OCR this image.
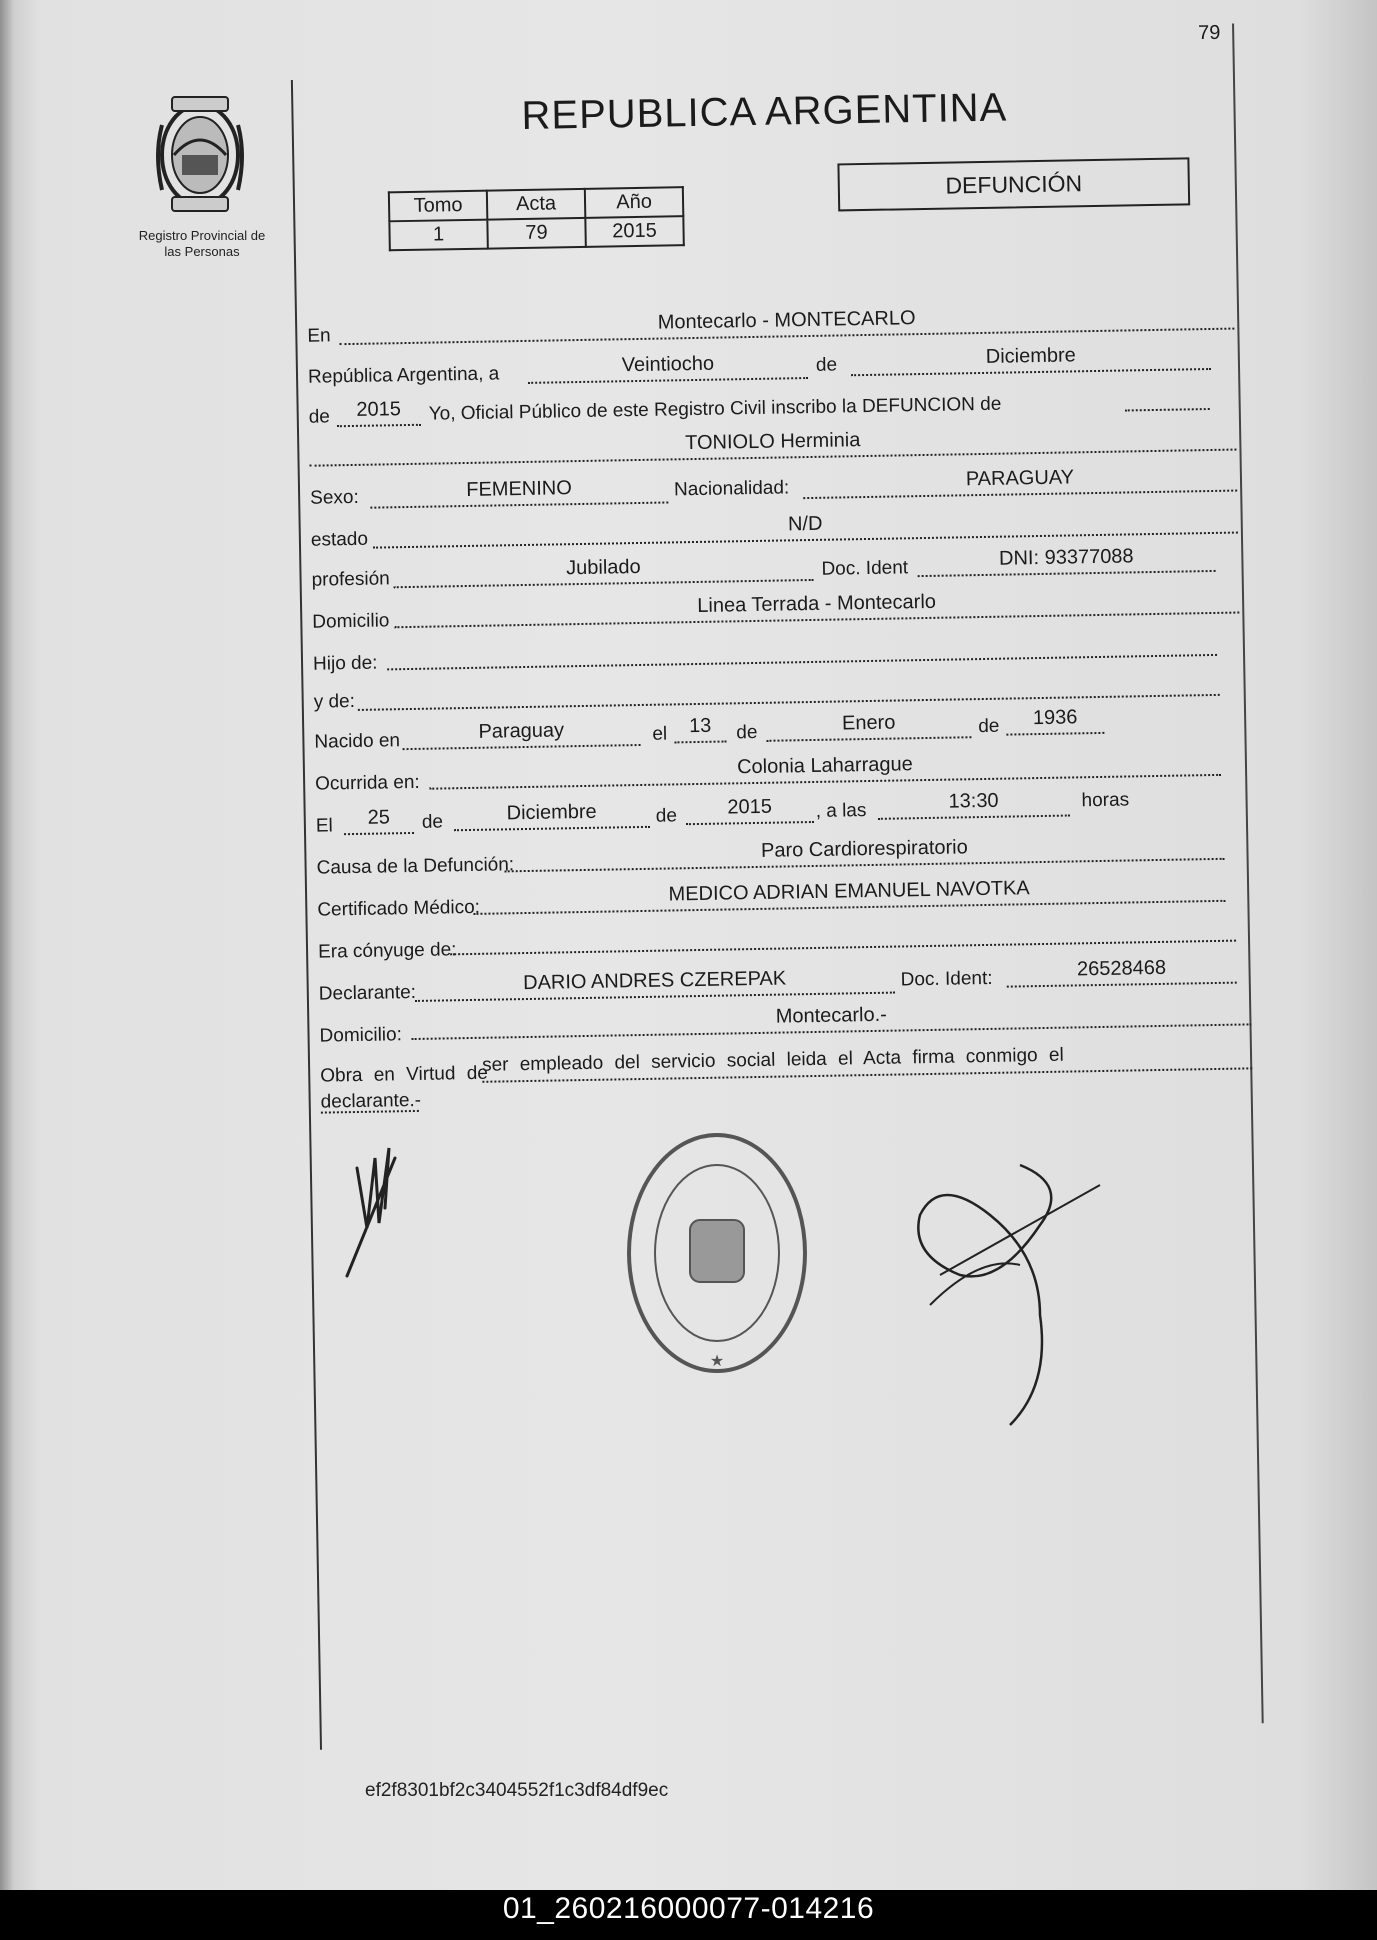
Registro Provincial de
las Personas
79
REPUBLICA ARGENTINA
Tomo	Acta	Año
1	79	2015
DEFUNCIÓN
En
Montecarlo - MONTECARLO
República Argentina, a	Veintiocho	de	Diciembre
de	2015	Yo, Oficial Público de este Registro Civil inscribo la DEFUNCION de
TONIOLO Herminia
Sexo:	FEMENINO	Nacionalidad:	PARAGUAY
estado
N/D
profesión
Jubilado	Doc. Ident	DNI: 93377088
Domicilio
Linea Terrada - Montecarlo
Hijo de:
y de:
Nacido en	Paraguay	el	13	de	Enero	de	1936
Ocurrida en:
Colonia Laharrague
El	25	de	Diciembre	de	2015	, a las	13:30	horas
Causa de la Defunción:
Paro Cardiorespiratorio
Certificado Médico:
MEDICO ADRIAN EMANUEL NAVOTKA
Era cónyuge de:
Declarante:	DARIO ANDRES CZEREPAK	Doc. Ident:	26528468
Domicilio:
Montecarlo.-
Obra en Virtud de
ser empleado del servicio social leida el Acta firma conmigo el
declarante.-
★
ef2f8301bf2c3404552f1c3df84df9ec
01_260216000077-014216
